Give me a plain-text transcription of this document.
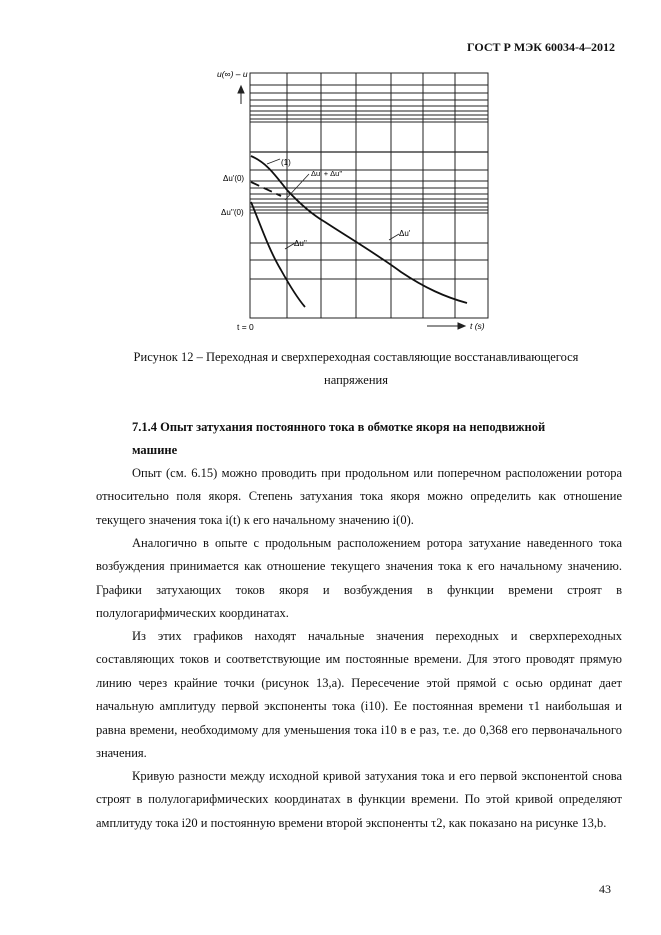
ГОСТ Р МЭК 60034-4–2012
u(∞) – u
Δu'(0)
Δu''(0)
(1)
Δu' + Δu''
Δu'
Δu''
t = 0	t (s)
Рисунок 12 – Переходная и сверхпереходная составляющие восстанавливающегося
напряжения
7.1.4 Опыт затухания постоянного тока в обмотке якоря на неподвижной
машине

Опыт (см. 6.15) можно проводить при продольном или поперечном расположении ротора относительно поля якоря. Степень затухания тока якоря можно определить как отношение текущего значения тока i(t) к его начальному значению i(0).

Аналогично в опыте с продольным расположением ротора затухание наведенного тока возбуждения принимается как отношение текущего значения тока к его начальному значению. Графики затухающих токов якоря и возбуждения в функции времени строят в полулогарифмических координатах.

Из этих графиков находят начальные значения переходных и сверхпереходных составляющих токов и соответствующие им постоянные времени. Для этого проводят прямую линию через крайние точки (рисунок 13,a). Пересечение этой прямой с осью ординат дает начальную амплитуду первой экспоненты тока (i10). Ее постоянная времени τ1 наибольшая и равна времени, необходимому для уменьшения тока i10 в e раз, т.е. до 0,368 его первоначального значения.

Кривую разности между исходной кривой затухания тока и его первой экспонентой снова строят в полулогарифмических координатах в функции времени. По этой кривой определяют амплитуду тока i20 и постоянную времени второй экспоненты τ2, как показано на рисунке 13,b.

43
